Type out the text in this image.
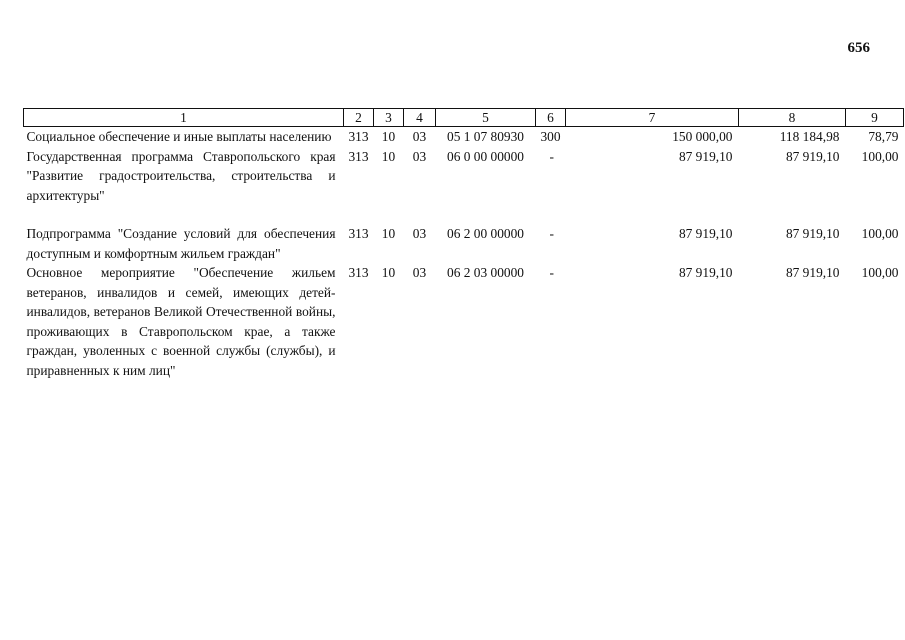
656
1	2	3	4	5	6	7	8	9
Социальное обеспечение и иные выплаты населению	313	10	03	05 1 07 80930	300	150 000,00	118 184,98	78,79
Государственная программа Ставропольского края "Развитие градостроительства, строительства и архитектуры"	313	10	03	06 0 00 00000	-	87 919,10	87 919,10	100,00

Подпрограмма "Создание условий для обеспечения доступным и комфортным жильем граждан"	313	10	03	06 2 00 00000	-	87 919,10	87 919,10	100,00
Основное мероприятие "Обеспечение жильем ветеранов, инвалидов и семей, имеющих детей-инвалидов, ветеранов Великой Отечественной войны, проживающих в Ставропольском крае, а также граждан, уволенных с военной службы (службы), и приравненных к ним лиц"	313	10	03	06 2 03 00000	-	87 919,10	87 919,10	100,00
